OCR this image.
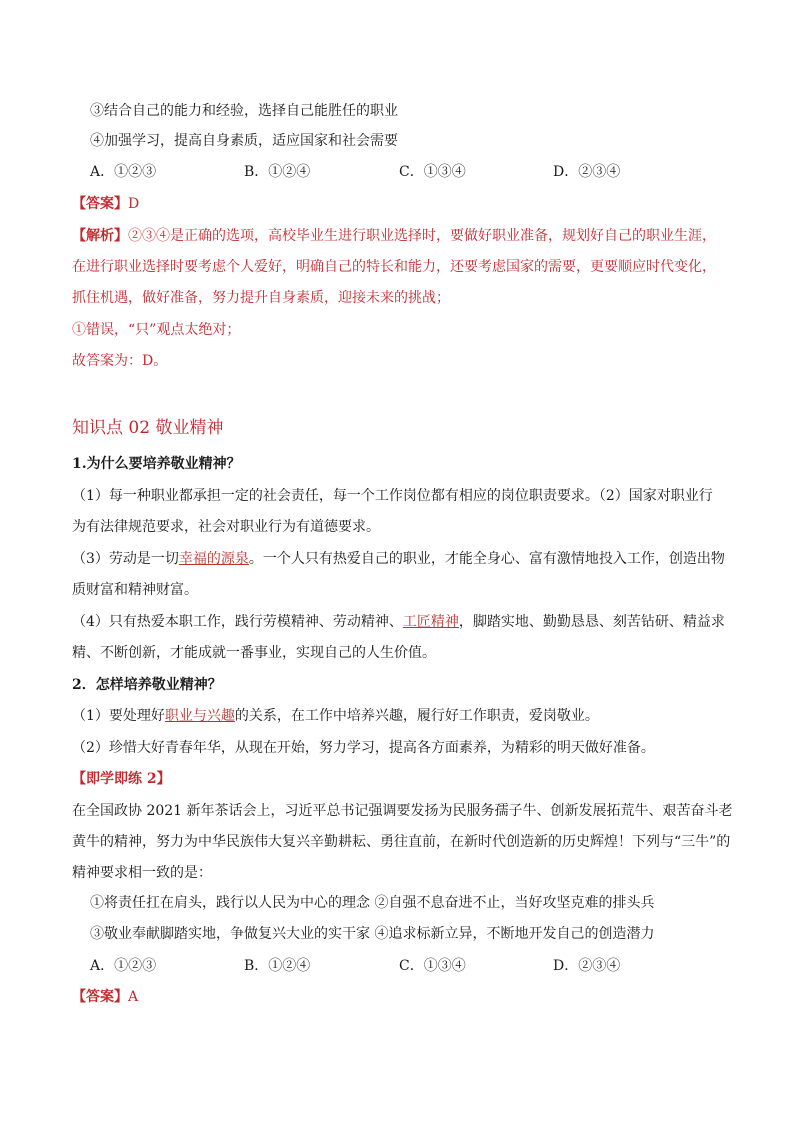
③结合自己的能力和经验，选择自己能胜任的职业
④加强学习，提高自身素质，适应国家和社会需要
A．①②③	B．①②④	C．①③④	D．②③④
【答案】D
【解析】②③④是正确的选项，高校毕业生进行职业选择时，要做好职业准备，规划好自己的职业生涯，
在进行职业选择时要考虑个人爱好，明确自己的特长和能力，还要考虑国家的需要，更要顺应时代变化，
抓住机遇，做好准备，努力提升自身素质，迎接未来的挑战；
①错误，“只”观点太绝对；
故答案为：D。
知识点 02 敬业精神
1.为什么要培养敬业精神？
（1）每一种职业都承担一定的社会责任，每一个工作岗位都有相应的岗位职责要求。（2）国家对职业行
为有法律规范要求，社会对职业行为有道德要求。
（3）劳动是一切幸福的源泉。一个人只有热爱自己的职业，才能全身心、富有激情地投入工作，创造出物
质财富和精神财富。
（4）只有热爱本职工作，践行劳模精神、劳动精神、工匠精神，脚踏实地、勤勤恳恳、刻苦钻研、精益求
精、不断创新，才能成就一番事业，实现自己的人生价值。
2．怎样培养敬业精神？
（1）要处理好职业与兴趣的关系，在工作中培养兴趣，履行好工作职责，爱岗敬业。
（2）珍惜大好青春年华，从现在开始，努力学习，提高各方面素养，为精彩的明天做好准备。
【即学即练 2】
在全国政协 2021 新年茶话会上，习近平总书记强调要发扬为民服务孺子牛、创新发展拓荒牛、艰苦奋斗老
黄牛的精神，努力为中华民族伟大复兴辛勤耕耘、勇往直前，在新时代创造新的历史辉煌！下列与“三牛”的
精神要求相一致的是：
①将责任扛在肩头，践行以人民为中心的理念 ②自强不息奋进不止，当好攻坚克难的排头兵
③敬业奉献脚踏实地，争做复兴大业的实干家 ④追求标新立异，不断地开发自己的创造潜力
A．①②③	B．①②④	C．①③④	D．②③④
【答案】A
